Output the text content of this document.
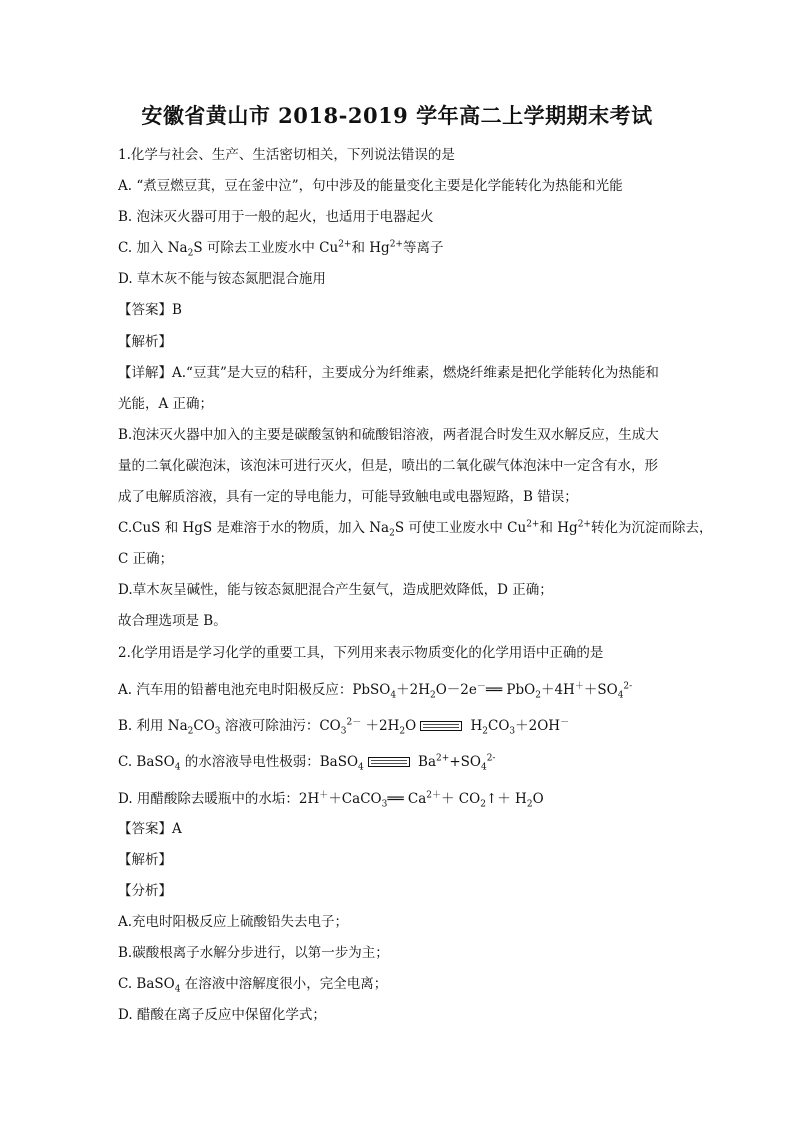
安徽省黄山市 2018-2019 学年高二上学期期末考试
1.化学与社会、生产、生活密切相关，下列说法错误的是
A. “煮豆燃豆萁，豆在釜中泣”，句中涉及的能量变化主要是化学能转化为热能和光能
B. 泡沫灭火器可用于一般的起火，也适用于电器起火
C. 加入 $Na_2S$ 可除去工业废水中 $Cu^{2+}$和 $Hg^{2+}$等离子
D. 草木灰不能与铵态氮肥混合施用
【答案】B
【解析】
【详解】A.“豆萁”是大豆的秸秆，主要成分为纤维素，燃烧纤维素是把化学能转化为热能和
光能，A 正确；
B.泡沫灭火器中加入的主要是碳酸氢钠和硫酸铝溶液，两者混合时发生双水解反应，生成大
量的二氧化碳泡沫，该泡沫可进行灭火，但是，喷出的二氧化碳气体泡沫中一定含有水，形
成了电解质溶液，具有一定的导电能力，可能导致触电或电器短路，B 错误；
C.CuS 和 HgS 是难溶于水的物质，加入 $Na_2S$ 可使工业废水中 $Cu^{2+}$和 $Hg^{2+}$转化为沉淀而除去，
C 正确；
D.草木灰呈碱性，能与铵态氮肥混合产生氨气，造成肥效降低，D 正确；
故合理选项是 B。
2.化学用语是学习化学的重要工具，下列用来表示物质变化的化学用语中正确的是
A. 汽车用的铅蓄电池充电时阳极反应：$PbSO_4+2H_2O-2e^-══$ $PbO_2+4H^++SO_4^{2-}$
B. 利用 $Na_2CO_3$ 溶液可除油污：$CO_3^{2-} +2H_2O$	$H_2CO_3+2OH^-$
C. BaSO$_4$ 的水溶液导电性极弱：BaSO$_4$	$Ba^{2+}+SO_4^{2-}$
D. 用醋酸除去暖瓶中的水垢：2H＋＋CaCO$_3$══ $Ca^{2+}+$ $CO_2↑+ H_2O$
【答案】A
【解析】
【分析】
A.充电时阳极反应上硫酸铅失去电子；
B.碳酸根离子水解分步进行，以第一步为主；
C. BaSO$_4$ 在溶液中溶解度很小，完全电离；
D. 醋酸在离子反应中保留化学式；
